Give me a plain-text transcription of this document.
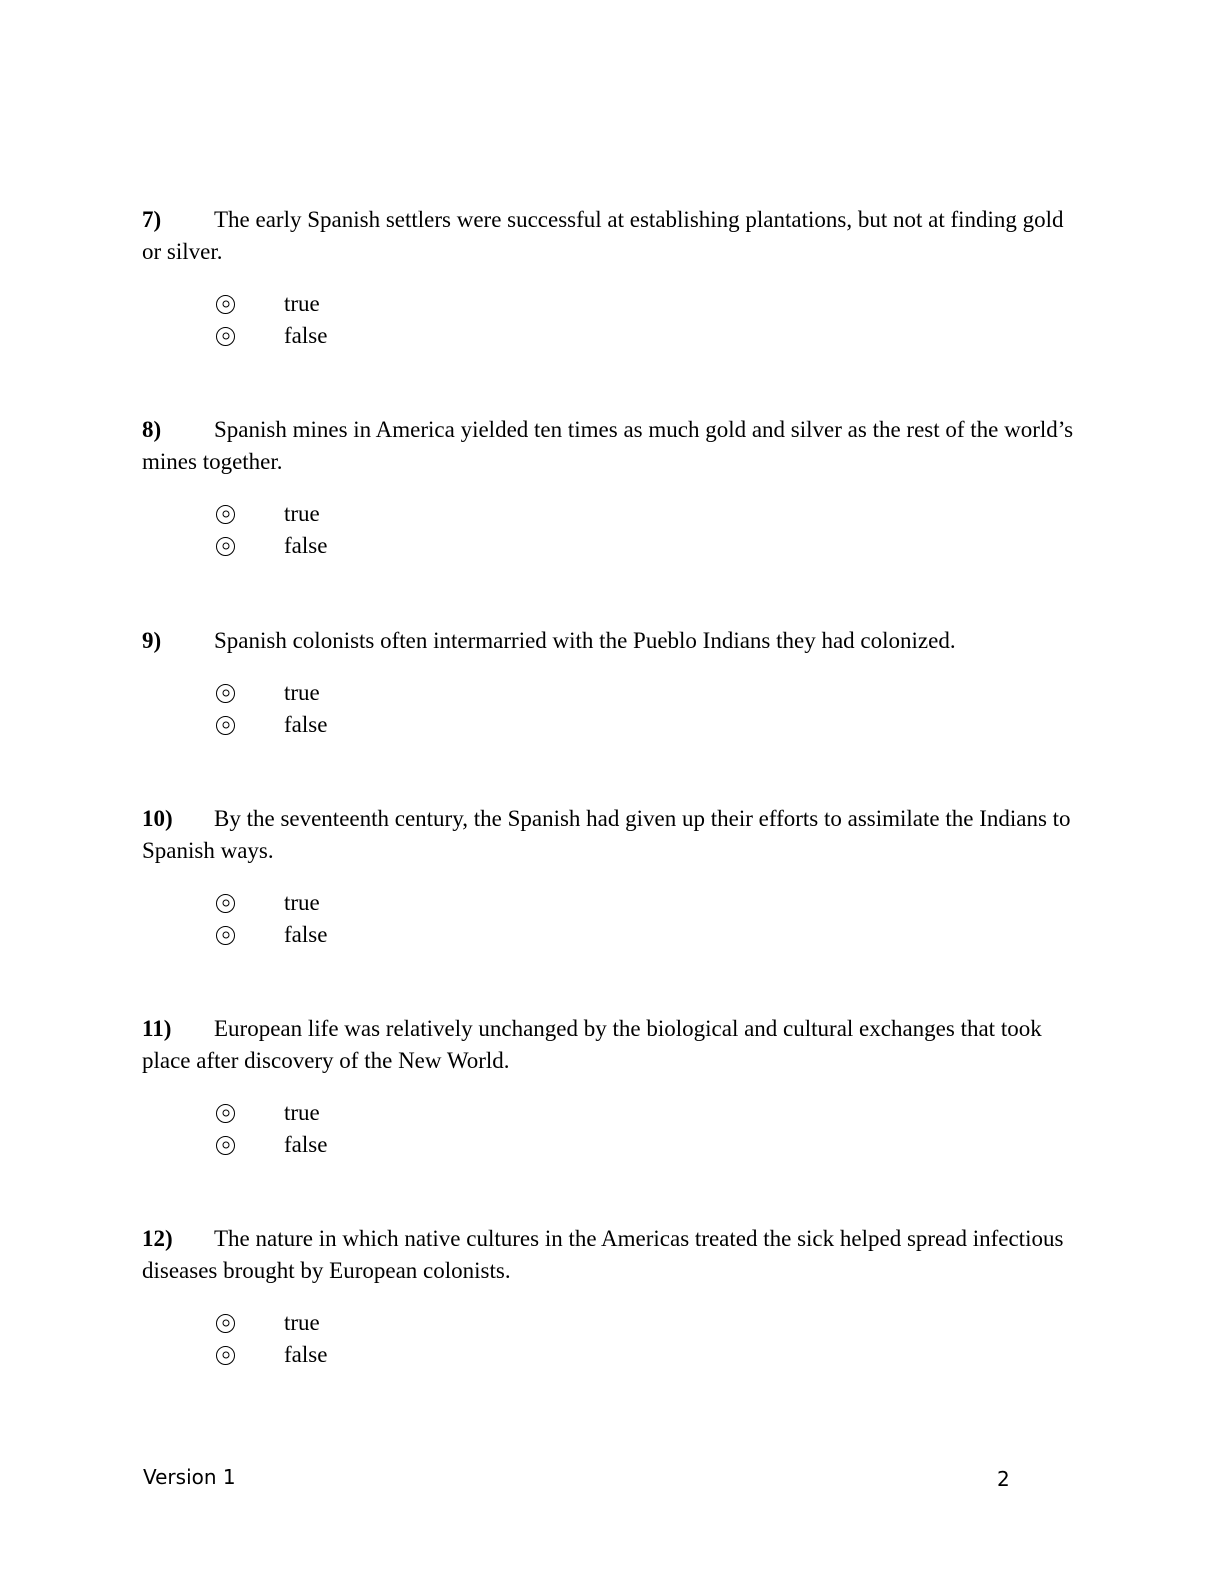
7) The early Spanish settlers were successful at establishing plantations, but not at finding gold or silver.

true
false

8) Spanish mines in America yielded ten times as much gold and silver as the rest of the world’s mines together.

true
false

9) Spanish colonists often intermarried with the Pueblo Indians they had colonized.

true
false

10) By the seventeenth century, the Spanish had given up their efforts to assimilate the Indians to Spanish ways.

true
false

11) European life was relatively unchanged by the biological and cultural exchanges that took place after discovery of the New World.

true
false

12) The nature in which native cultures in the Americas treated the sick helped spread infectious diseases brought by European colonists.

true
false
Version 1	2
